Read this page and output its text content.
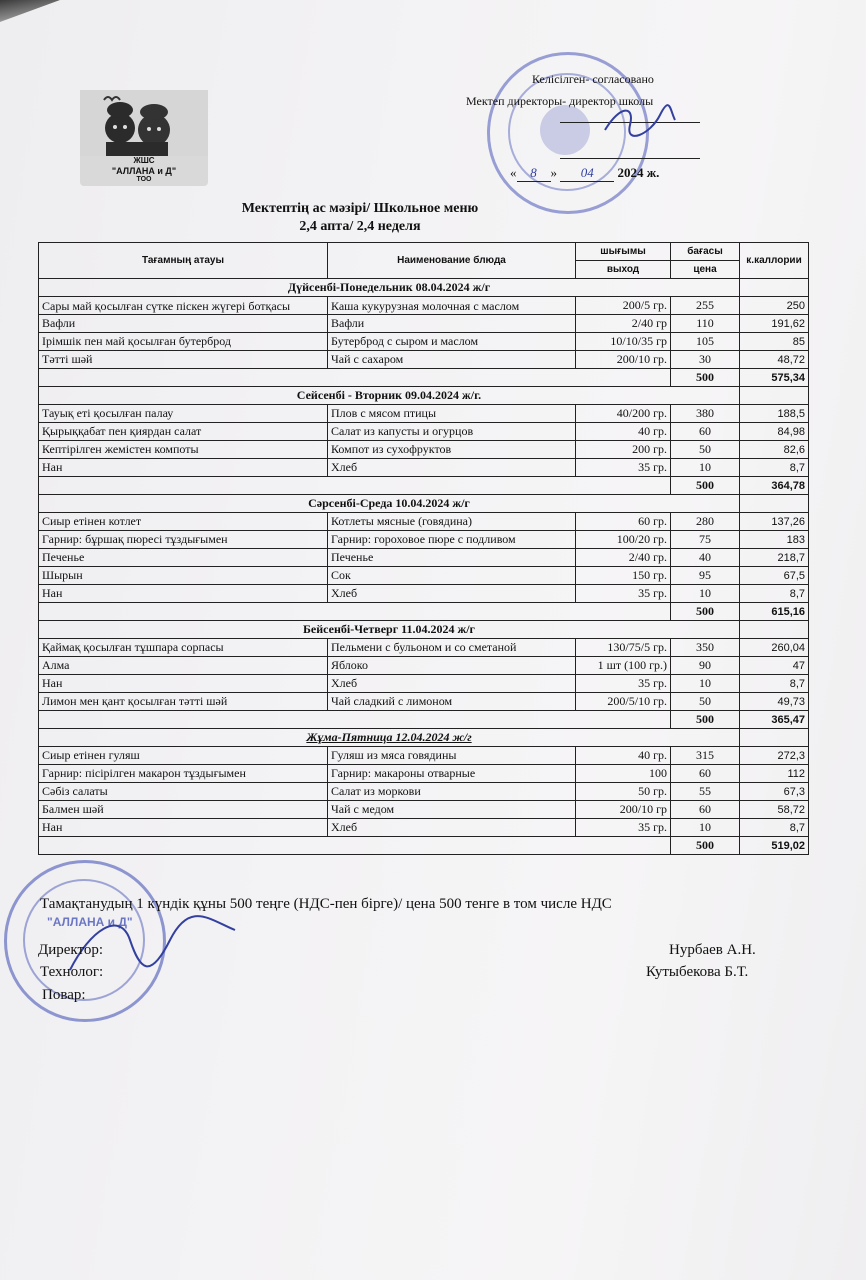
ЖШС
"АЛЛАНА и Д"
ТОО
Келісілген- согласовано
Мектеп директоры- директор школы
« 8 » 04 2024 ж.
Мектептің ас мәзірі/ Школьное меню
2,4 апта/ 2,4 неделя
Тағамның атауы	Наименование блюда	шығымы	бағасы	к.каллории
		выход	цена	
Дүйсенбі-Понедельник 08.04.2024 ж/г				
Сары май қосылған сүтке піскен жүгері ботқасы	Каша кукурузная молочная с маслом	200/5 гр.	255	250
Вафли	Вафли	2/40 гр	110	191,62
Ірімшік пен май қосылған бутерброд	Бутерброд с сыром и маслом	10/10/35 гр	105	85
Тәтті шәй	Чай с сахаром	200/10 гр.	30	48,72
			500	575,34
Сейсенбі - Вторник 09.04.2024 ж/г.				
Тауық еті қосылған палау	Плов с мясом птицы	40/200 гр.	380	188,5
Қырыққабат пен қиярдан салат	Салат из капусты и огурцов	40 гр.	60	84,98
Кептірілген жемістен компоты	Компот из сухофруктов	200 гр.	50	82,6
Нан	Хлеб	35 гр.	10	8,7
			500	364,78
Сәрсенбі-Среда 10.04.2024 ж/г				
Сиыр етінен котлет	Котлеты мясные (говядина)	60 гр.	280	137,26
Гарнир: бұршақ пюресі тұздығымен	Гарнир: гороховое пюре с подливом	100/20 гр.	75	183
Печенье	Печенье	2/40 гр.	40	218,7
Шырын	Сок	150 гр.	95	67,5
Нан	Хлеб	35 гр.	10	8,7
			500	615,16
Бейсенбі-Четверг 11.04.2024 ж/г				
Қаймақ қосылған тұшпара сорпасы	Пельмени с бульоном и со сметаной	130/75/5 гр.	350	260,04
Алма	Яблоко	1 шт (100 гр.)	90	47
Нан	Хлеб	35 гр.	10	8,7
Лимон мен қант қосылған тәтті шәй	Чай сладкий с лимоном	200/5/10 гр.	50	49,73
			500	365,47
Жұма-Пятница 12.04.2024 ж/г				
Сиыр етінен гуляш	Гуляш из мяса говядины	40 гр.	315	272,3
Гарнир: пісірілген макарон тұздығымен	Гарнир: макароны отварные	100	60	112
Сәбіз салаты	Салат из моркови	50 гр.	55	67,3
Балмен шәй	Чай с медом	200/10 гр	60	58,72
Нан	Хлеб	35 гр.	10	8,7
			500	519,02
"АЛЛАНА и Д"
Тамақтанудың 1 күндік құны 500 теңге (НДС-пен бірге)/ цена 500 тенге в том числе НДС
Директор:
Технолог:
Повар:
Нурбаев А.Н.
Кутыбекова Б.Т.
